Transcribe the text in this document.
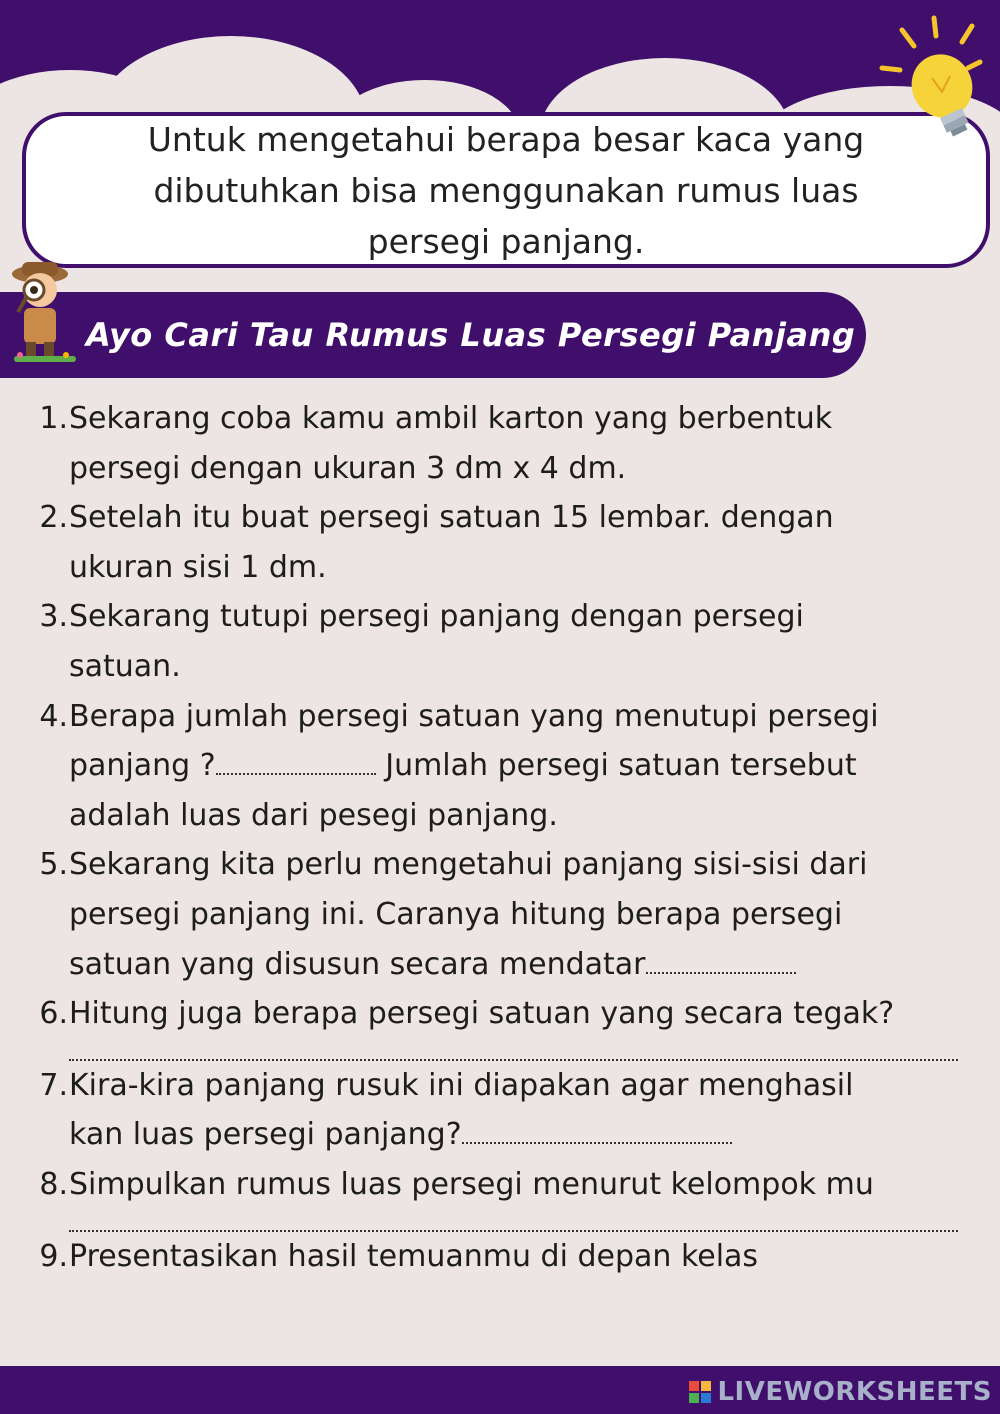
Untuk mengetahui berapa besar kaca yang
dibutuhkan bisa menggunakan rumus luas
persegi panjang.
Ayo Cari Tau Rumus Luas Persegi Panjang
1. Sekarang coba kamu ambil karton yang berbentuk
persegi dengan ukuran 3 dm x 4 dm.
2. Setelah itu buat persegi satuan 15 lembar. dengan
ukuran sisi 1 dm.
3. Sekarang tutupi persegi panjang dengan persegi
satuan.
4. Berapa jumlah persegi satuan yang menutupi persegi
panjang ?	Jumlah persegi satuan tersebut
adalah luas dari pesegi panjang.
5. Sekarang kita perlu mengetahui panjang sisi-sisi dari
persegi panjang ini. Caranya hitung berapa persegi
satuan yang disusun secara mendatar
6. Hitung juga berapa persegi satuan yang secara tegak?

7. Kira-kira panjang rusuk ini diapakan agar menghasil
kan luas persegi panjang?
8. Simpulkan rumus luas persegi menurut kelompok mu

9. Presentasikan hasil temuanmu di depan kelas
LIVEWORKSHEETS
